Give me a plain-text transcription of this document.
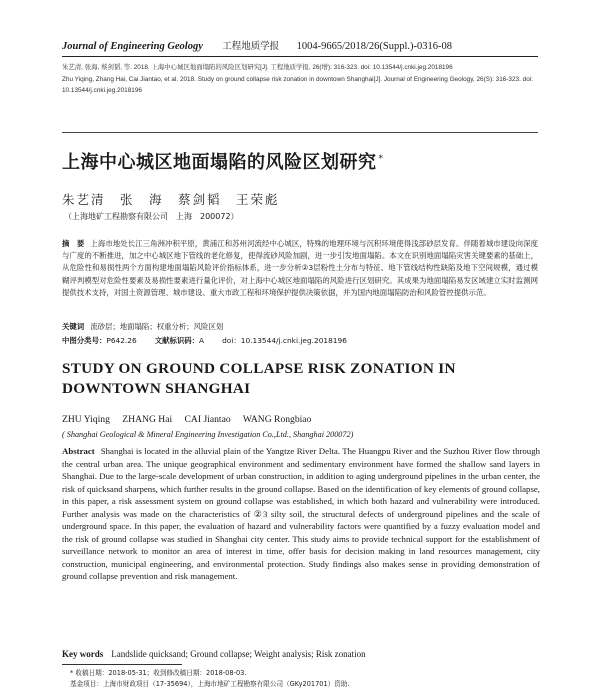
Journal of Engineering Geology 工程地质学报 1004-9665/2018/26(Suppl.)-0316-08

朱艺清, 张海, 蔡剑韬, 等. 2018. 上海中心城区地面塌陷的风险区划研究[J]. 工程地质学报, 26(增): 316-323. doi: 10.13544/j.cnki.jeg.2018196

Zhu Yiqing, Zhang Hai, Cai Jiantao, et al. 2018. Study on ground collapse risk zonation in downtown Shanghai[J]. Journal of Engineering Geology, 26(S): 316-323. doi: 10.13544/j.cnki.jeg.2018196

上海中心城区地面塌陷的风险区划研究 *
朱艺清　张　海　蔡剑韬　王荣彪
（上海地矿工程勘察有限公司　上海　200072）
摘　要 上海市地处长江三角洲冲积平原，黄浦江和苏州河流经中心城区，特殊的地理环境与沉积环境使得浅部砂层发育。伴随着城市建设向深度与广度的不断推进，加之中心城区地下管线的老化修复，使得流砂风险加剧，进一步引发地面塌陷。本文在识别地面塌陷灾害关键要素的基础上，从危险性和易损性两个方面构建地面塌陷风险评价指标体系，进一步分析②3层粉性土分布与特征、地下管线结构性缺陷及地下空间规模，通过模糊评判模型对危险性要素及易损性要素进行量化评价，对上海中心城区地面塌陷的风险进行区划研究。其成果为地面塌陷易发区域建立实时监测网提供技术支持，对国土资源管理、城市建设、重大市政工程和环境保护提供决策依据，并为国内地面塌陷防治和风险管控提供示范。
关键词 流砂层；地面塌陷；权重分析；风险区划
中图分类号：P642.26 文献标识码：A doi：10.13544/j.cnki.jeg.2018196
STUDY ON GROUND COLLAPSE RISK ZONATION IN DOWNTOWN SHANGHAI
ZHU Yiqing ZHANG Hai CAI Jiantao WANG Rongbiao
( Shanghai Geological & Mineral Engineering Investigation Co.,Ltd., Shanghai 200072)
Abstract Shanghai is located in the alluvial plain of the Yangtze River Delta. The Huangpu River and the Suzhou River flow through the central urban area. The unique geographical environment and sedimentary environment have formed the shallow sand layers in Shanghai. Due to the large-scale development of urban construction, in addition to aging underground pipelines in the urban center, the risk of quicksand sharpens, which further results in the ground collapse. Based on the identification of key elements of ground collapse, in this paper, a risk assessment system on ground collapse was established, in which both hazard and vulnerability were introduced. Further analysis was made on the characteristics of ②3 silty soil, the structural defects of underground pipelines and the scale of underground space. In this paper, the evaluation of hazard and vulnerability factors were quantified by a fuzzy evaluation model and the risk of ground collapse was studied in Shanghai city center. This study aims to provide technical support for the establishment of surveillance network to monitor an area of interest in time, offer basis for decision making in land resources management, city construction, municipal engineering, and environmental protection. Study findings also makes sense in providing demonstration of ground collapse prevention and risk management.
Key words Landslide quicksand; Ground collapse; Weight analysis; Risk zonation
* 收稿日期：2018-05-31；收到修改稿日期：2018-08-03.
基金项目：上海市财政项目（17-35694），上海市地矿工程勘察有限公司（GKy201701）资助.
